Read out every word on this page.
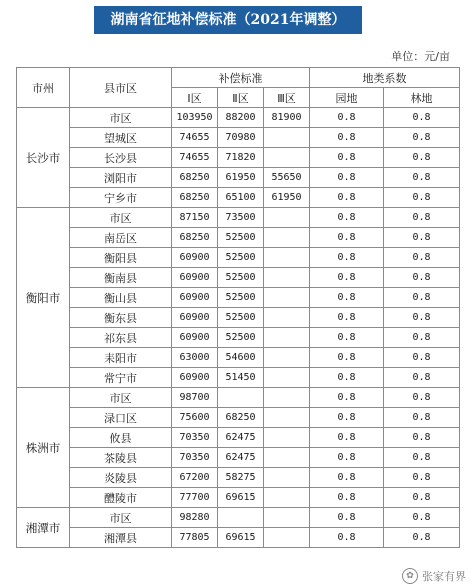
湖南省征地补偿标准（2021年调整）
单位：元/亩
市州	县市区	补偿标准			地类系数	
		Ⅰ区	Ⅱ区	Ⅲ区	园地	林地
长沙市	市区	103950	88200	81900	0.8	0.8
	望城区	74655	70980		0.8	0.8
	长沙县	74655	71820		0.8	0.8
	浏阳市	68250	61950	55650	0.8	0.8
	宁乡市	68250	65100	61950	0.8	0.8
衡阳市	市区	87150	73500		0.8	0.8
	南岳区	68250	52500		0.8	0.8
	衡阳县	60900	52500		0.8	0.8
	衡南县	60900	52500		0.8	0.8
	衡山县	60900	52500		0.8	0.8
	衡东县	60900	52500		0.8	0.8
	祁东县	60900	52500		0.8	0.8
	耒阳市	63000	54600		0.8	0.8
	常宁市	60900	51450		0.8	0.8
株洲市	市区	98700			0.8	0.8
	渌口区	75600	68250		0.8	0.8
	攸县	70350	62475		0.8	0.8
	茶陵县	70350	62475		0.8	0.8
	炎陵县	67200	58275		0.8	0.8
	醴陵市	77700	69615		0.8	0.8
湘潭市	市区	98280			0.8	0.8
	湘潭县	77805	69615		0.8	0.8
✿ 张家有界
